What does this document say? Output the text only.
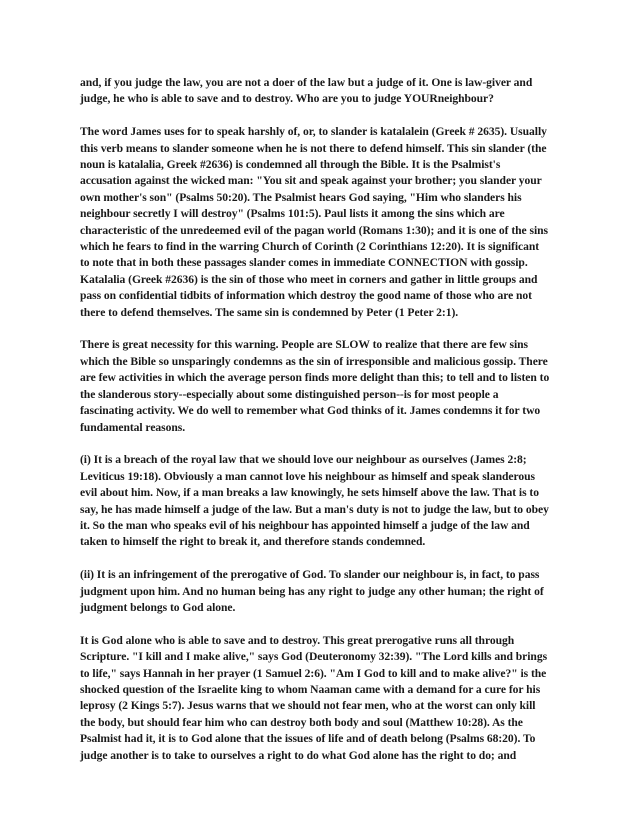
and, if you judge the law, you are not a doer of the law but a judge of it. One is law-giver and judge, he who is able to save and to destroy. Who are you to judge YOURneighbour?

The word James uses for to speak harshly of, or, to slander is katalalein (Greek # 2635). Usually this verb means to slander someone when he is not there to defend himself. This sin slander (the noun is katalalia, Greek #2636) is condemned all through the Bible. It is the Psalmist's accusation against the wicked man: "You sit and speak against your brother; you slander your own mother's son" (Psalms 50:20). The Psalmist hears God saying, "Him who slanders his neighbour secretly I will destroy" (Psalms 101:5). Paul lists it among the sins which are characteristic of the unredeemed evil of the pagan world (Romans 1:30); and it is one of the sins which he fears to find in the warring Church of Corinth (2 Corinthians 12:20). It is significant to note that in both these passages slander comes in immediate CONNECTION with gossip. Katalalia (Greek #2636) is the sin of those who meet in corners and gather in little groups and pass on confidential tidbits of information which destroy the good name of those who are not there to defend themselves. The same sin is condemned by Peter (1 Peter 2:1).

There is great necessity for this warning. People are SLOW to realize that there are few sins which the Bible so unsparingly condemns as the sin of irresponsible and malicious gossip. There are few activities in which the average person finds more delight than this; to tell and to listen to the slanderous story--especially about some distinguished person--is for most people a fascinating activity. We do well to remember what God thinks of it. James condemns it for two fundamental reasons.

(i) It is a breach of the royal law that we should love our neighbour as ourselves (James 2:8; Leviticus 19:18). Obviously a man cannot love his neighbour as himself and speak slanderous evil about him. Now, if a man breaks a law knowingly, he sets himself above the law. That is to say, he has made himself a judge of the law. But a man's duty is not to judge the law, but to obey it. So the man who speaks evil of his neighbour has appointed himself a judge of the law and taken to himself the right to break it, and therefore stands condemned.

(ii) It is an infringement of the prerogative of God. To slander our neighbour is, in fact, to pass judgment upon him. And no human being has any right to judge any other human; the right of judgment belongs to God alone.

It is God alone who is able to save and to destroy. This great prerogative runs all through Scripture. "I kill and I make alive," says God (Deuteronomy 32:39). "The Lord kills and brings to life," says Hannah in her prayer (1 Samuel 2:6). "Am I God to kill and to make alive?" is the shocked question of the Israelite king to whom Naaman came with a demand for a cure for his leprosy (2 Kings 5:7). Jesus warns that we should not fear men, who at the worst can only kill the body, but should fear him who can destroy both body and soul (Matthew 10:28). As the Psalmist had it, it is to God alone that the issues of life and of death belong (Psalms 68:20). To judge another is to take to ourselves a right to do what God alone has the right to do; and
